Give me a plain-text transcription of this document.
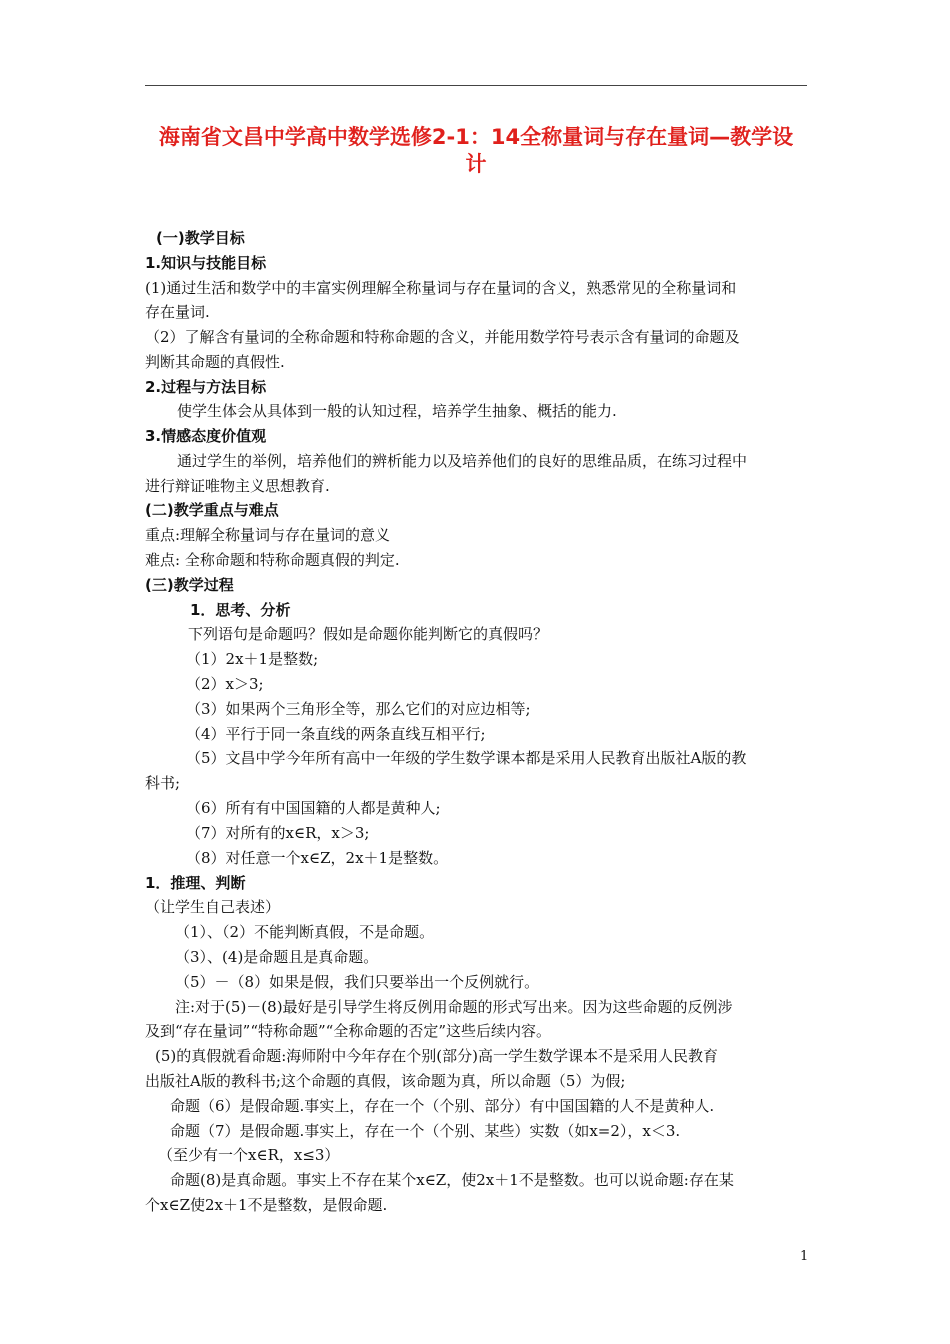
海南省文昌中学高中数学选修2-1：14全称量词与存在量词—教学设
计
(一)教学目标
1.知识与技能目标
(1)通过生活和数学中的丰富实例理解全称量词与存在量词的含义，熟悉常见的全称量词和
存在量词.
（2）了解含有量词的全称命题和特称命题的含义，并能用数学符号表示含有量词的命题及
判断其命题的真假性.
2.过程与方法目标
使学生体会从具体到一般的认知过程，培养学生抽象、概括的能力.
3.情感态度价值观
通过学生的举例，培养他们的辨析能力以及培养他们的良好的思维品质，在练习过程中
进行辩证唯物主义思想教育.
(二)教学重点与难点
重点:理解全称量词与存在量词的意义
难点: 全称命题和特称命题真假的判定.
(三)教学过程
1．思考、分析
下列语句是命题吗？假如是命题你能判断它的真假吗？
（1）2x＋1是整数;
（2）x＞3;
（3）如果两个三角形全等，那么它们的对应边相等;
（4）平行于同一条直线的两条直线互相平行;
（5）文昌中学今年所有高中一年级的学生数学课本都是采用人民教育出版社A版的教
科书;
（6）所有有中国国籍的人都是黄种人;
（7）对所有的x∈R，x＞3;
（8）对任意一个x∈Z，2x＋1是整数。
1．推理、判断
（让学生自己表述）
（1）、（2）不能判断真假，不是命题。
（3）、(4)是命题且是真命题。
（5）－（8）如果是假，我们只要举出一个反例就行。
注:对于(5)－(8)最好是引导学生将反例用命题的形式写出来。因为这些命题的反例涉
及到“存在量词”“特称命题”“全称命题的否定”这些后续内容。
(5)的真假就看命题:海师附中今年存在个别(部分)高一学生数学课本不是采用人民教育
出版社A版的教科书;这个命题的真假，该命题为真，所以命题（5）为假;
命题（6）是假命题.事实上，存在一个（个别、部分）有中国国籍的人不是黄种人.
命题（7）是假命题.事实上，存在一个（个别、某些）实数（如x=2），x＜3.
（至少有一个x∈R，x≤3）
命题(8)是真命题。事实上不存在某个x∈Z，使2x＋1不是整数。也可以说命题:存在某
个x∈Z使2x＋1不是整数，是假命题.
1
